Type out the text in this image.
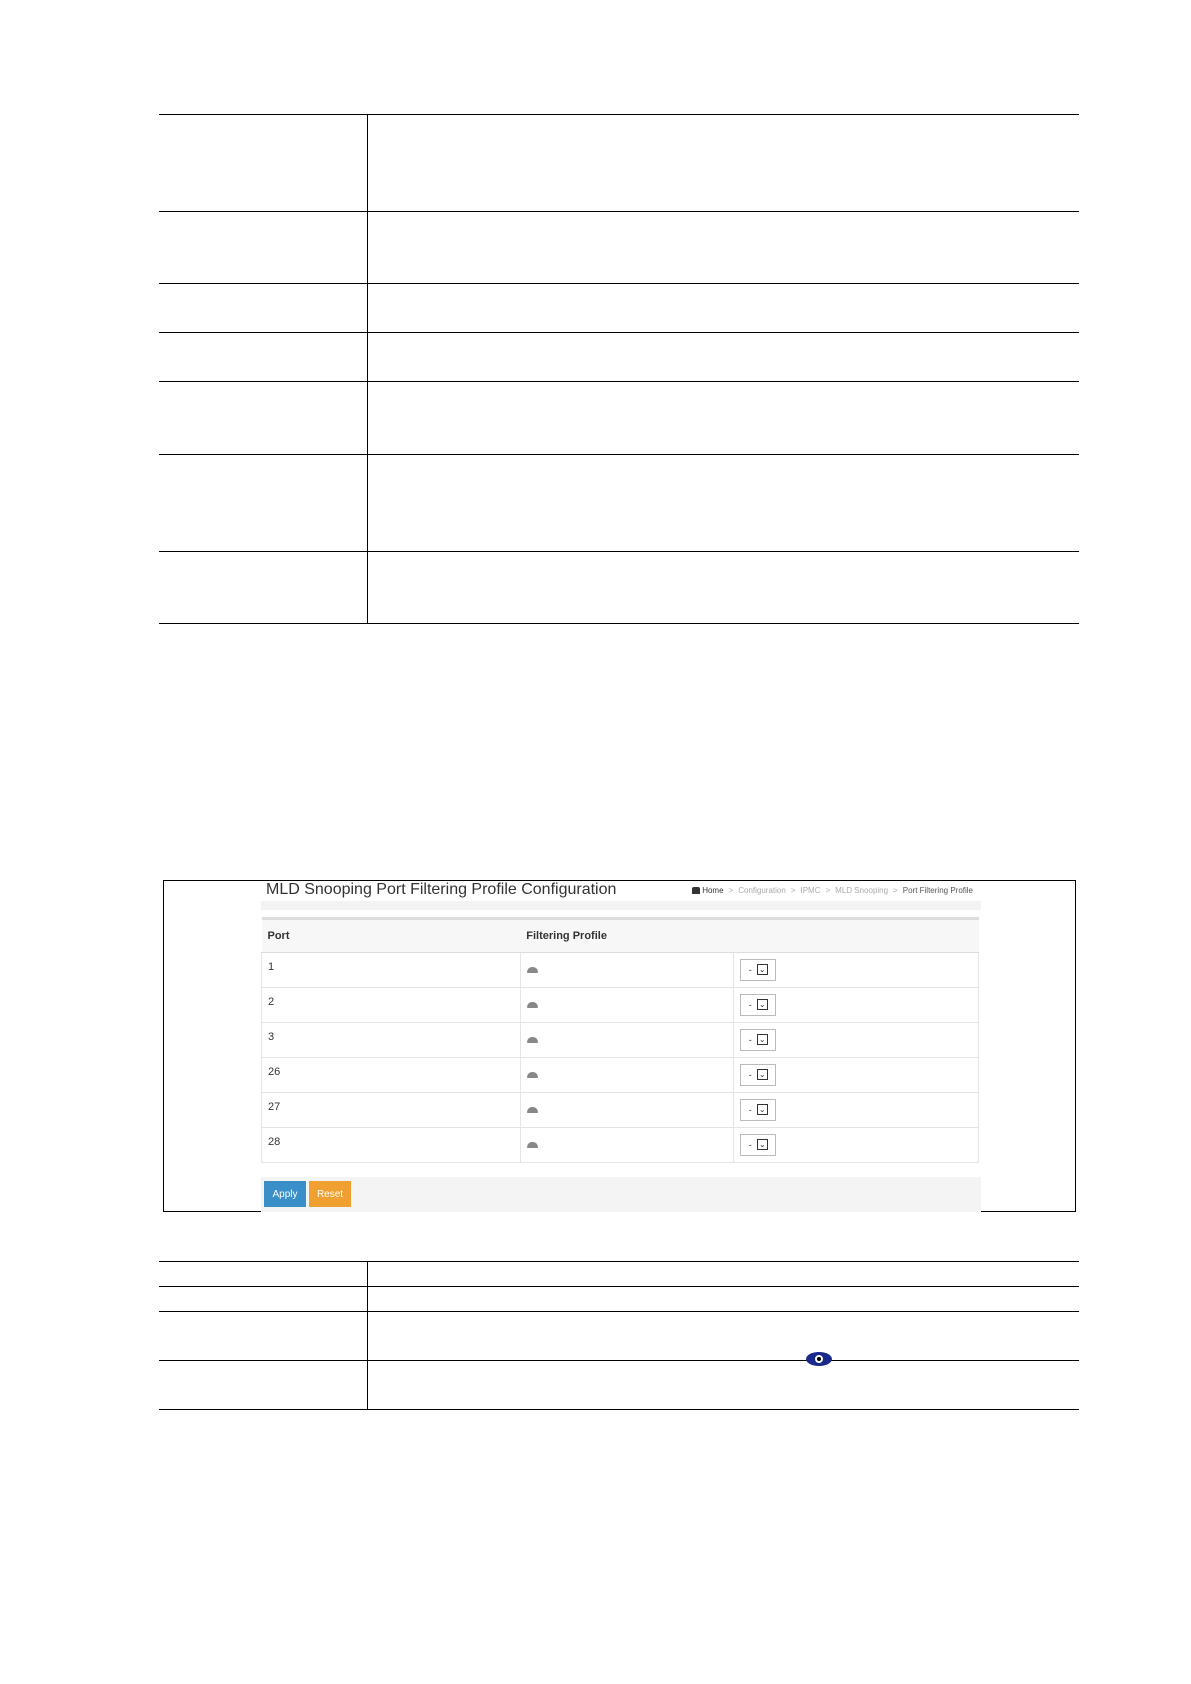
MLD Snooping Port Filtering Profile Configuration	Home > Configuration > IPMC > MLD Snooping > Port Filtering Profile
Port	Filtering Profile	
1		- ⌄

2		- ⌄

3		- ⌄

26		- ⌄

27		- ⌄

28		- ⌄
Apply	Reset
